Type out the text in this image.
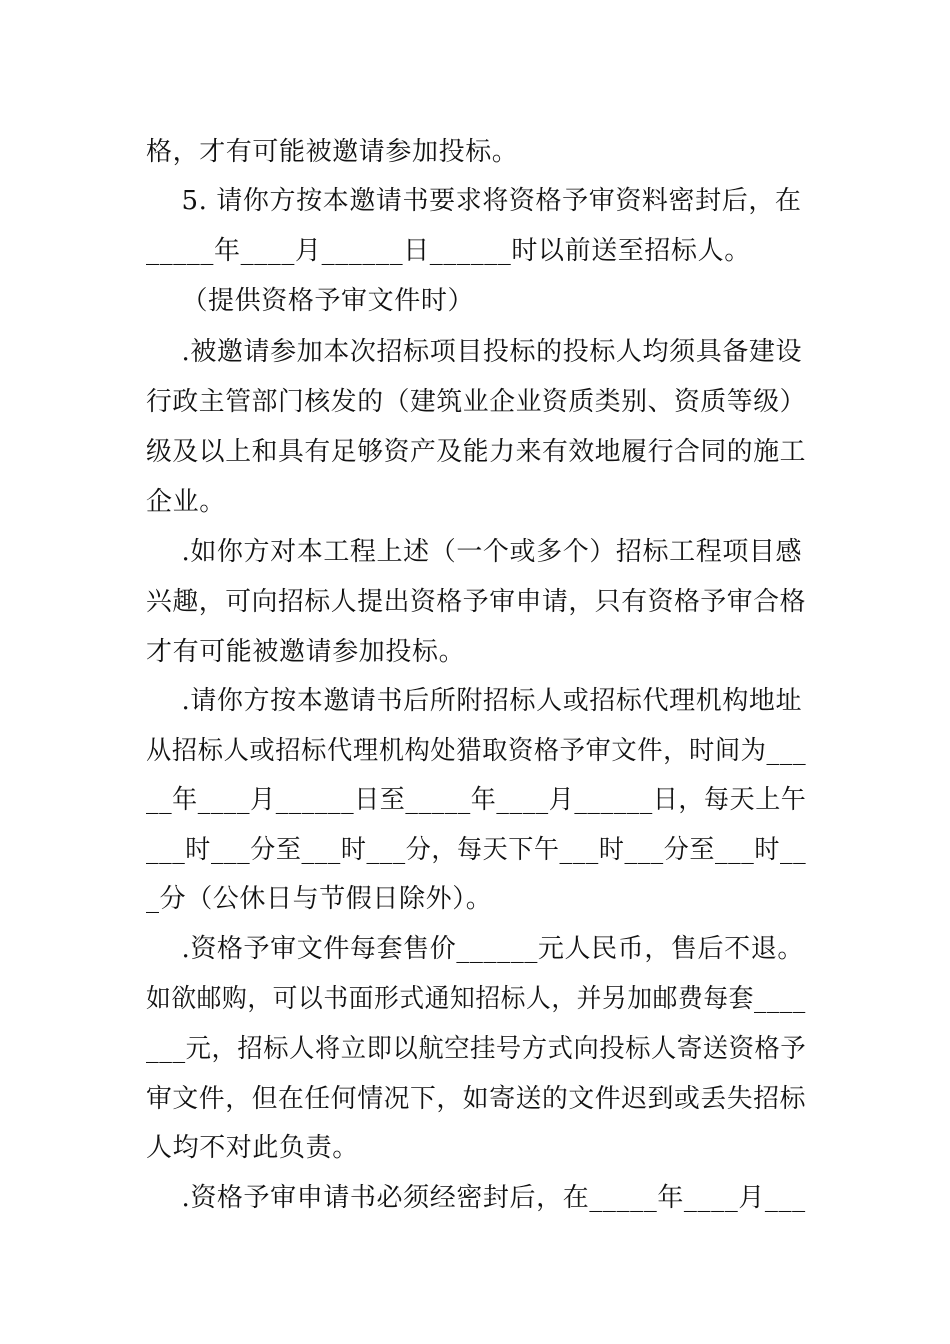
格，才有可能被邀请参加投标。
5. 请你方按本邀请书要求将资格予审资料密封后，在
_____年____月______日______时以前送至招标人。
（提供资格予审文件时）
.被邀请参加本次招标项目投标的投标人均须具备建设
行政主管部门核发的（建筑业企业资质类别、资质等级）
级及以上和具有足够资产及能力来有效地履行合同的施工
企业。
.如你方对本工程上述（一个或多个）招标工程项目感
兴趣，可向招标人提出资格予审申请，只有资格予审合格
才有可能被邀请参加投标。
.请你方按本邀请书后所附招标人或招标代理机构地址
从招标人或招标代理机构处猎取资格予审文件，时间为___
__年____月______日至_____年____月______日，每天上午
___时___分至___时___分，每天下午___时___分至___时__
_分（公休日与节假日除外）。
.资格予审文件每套售价______元人民币，售后不退。
如欲邮购，可以书面形式通知招标人，并另加邮费每套____
___元，招标人将立即以航空挂号方式向投标人寄送资格予
审文件，但在任何情况下，如寄送的文件迟到或丢失招标
人均不对此负责。
.资格予审申请书必须经密封后，在_____年____月___
